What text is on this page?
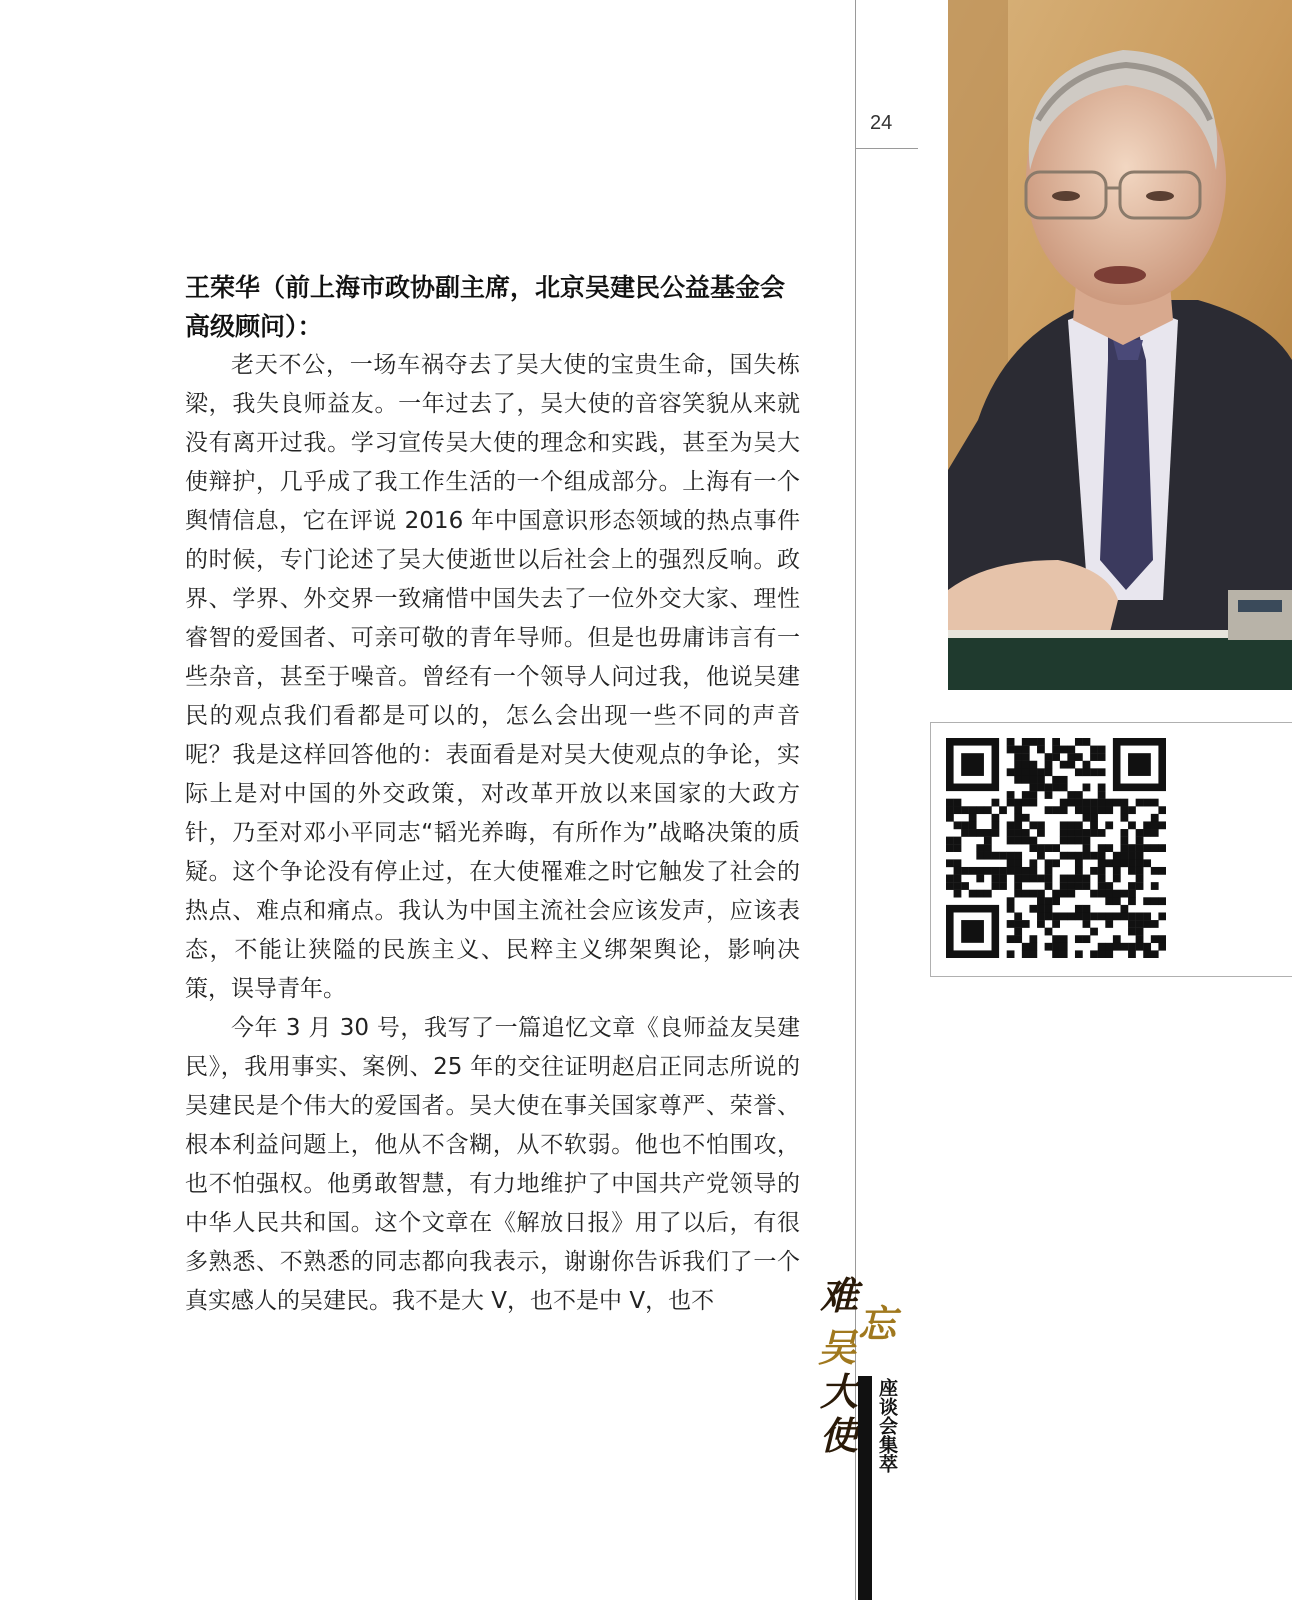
24

王荣华（前上海市政协副主席，北京吴建民公益基金会高级顾问）：

老天不公，一场车祸夺去了吴大使的宝贵生命，国失栋梁，我失良师益友。一年过去了，吴大使的音容笑貌从来就没有离开过我。学习宣传吴大使的理念和实践，甚至为吴大使辩护，几乎成了我工作生活的一个组成部分。上海有一个舆情信息，它在评说 2016 年中国意识形态领域的热点事件的时候，专门论述了吴大使逝世以后社会上的强烈反响。政界、学界、外交界一致痛惜中国失去了一位外交大家、理性睿智的爱国者、可亲可敬的青年导师。但是也毋庸讳言有一些杂音，甚至于噪音。曾经有一个领导人问过我，他说吴建民的观点我们看都是可以的，怎么会出现一些不同的声音呢？我是这样回答他的：表面看是对吴大使观点的争论，实际上是对中国的外交政策，对改革开放以来国家的大政方针，乃至对邓小平同志“韬光养晦，有所作为”战略决策的质疑。这个争论没有停止过，在大使罹难之时它触发了社会的热点、难点和痛点。我认为中国主流社会应该发声，应该表态，不能让狭隘的民族主义、民粹主义绑架舆论，影响决策，误导青年。

今年 3 月 30 号，我写了一篇追忆文章《良师益友吴建民》，我用事实、案例、25 年的交往证明赵启正同志所说的吴建民是个伟大的爱国者。吴大使在事关国家尊严、荣誉、根本利益问题上，他从不含糊，从不软弱。他也不怕围攻，也不怕强权。他勇敢智慧，有力地维护了中国共产党领导的中华人民共和国。这个文章在《解放日报》用了以后，有很多熟悉、不熟悉的同志都向我表示，谢谢你告诉我们了一个真实感人的吴建民。我不是大 V，也不是中 V，也不	难
忘
吴
大
使 座谈会集萃
